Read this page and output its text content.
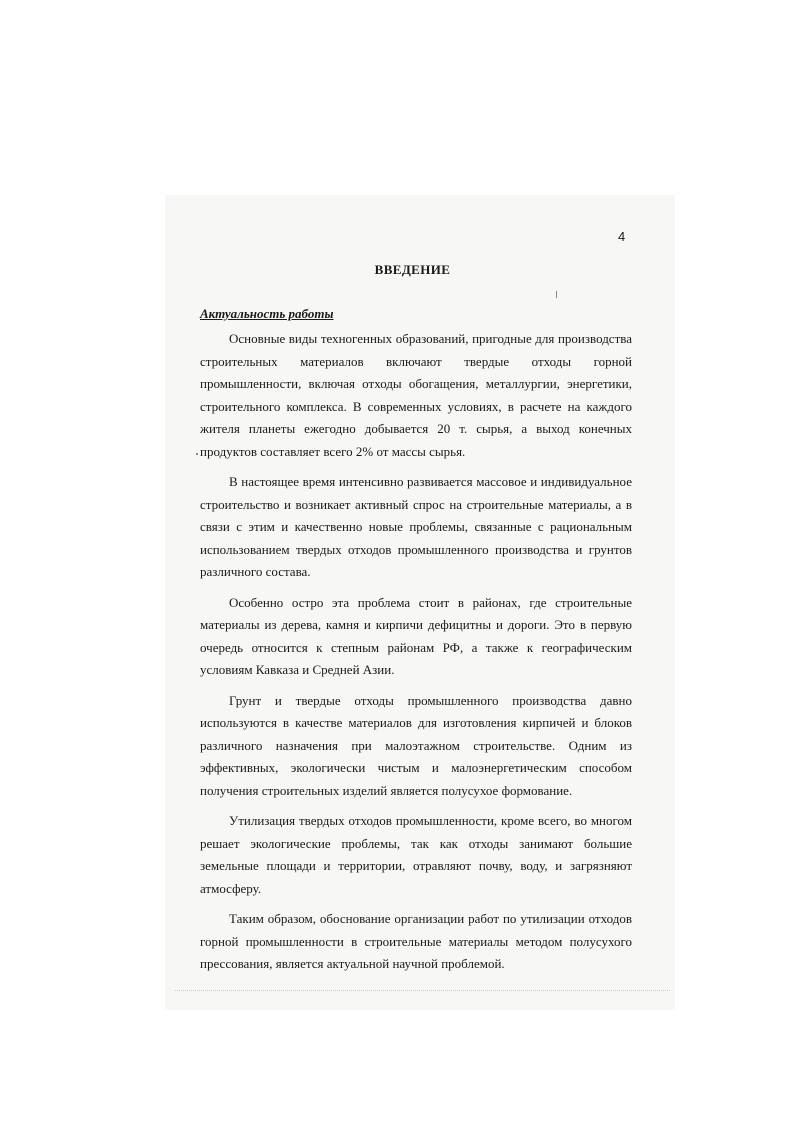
4
ВВЕДЕНИЕ
Актуальность работы

Основные виды техногенных образований, пригодные для производства строительных материалов включают твердые отходы горной промышленности, включая отходы обогащения, металлургии, энергетики, строительного комплекса. В современных условиях, в расчете на каждого жителя планеты ежегодно добывается 20 т. сырья, а выход конечных продуктов составляет всего 2% от массы сырья.

В настоящее время интенсивно развивается массовое и индивидуальное строительство и возникает активный спрос на строительные материалы, а в связи с этим и качественно новые проблемы, связанные с рациональным использованием твердых отходов промышленного производства и грунтов различного состава.

Особенно остро эта проблема стоит в районах, где строительные материалы из дерева, камня и кирпичи дефицитны и дороги. Это в первую очередь относится к степным районам РФ, а также к географическим условиям Кавказа и Средней Азии.

Грунт и твердые отходы промышленного производства давно используются в качестве материалов для изготовления кирпичей и блоков различного назначения при малоэтажном строительстве. Одним из эффективных, экологически чистым и малоэнергетическим способом получения строительных изделий является полусухое формование.

Утилизация твердых отходов промышленности, кроме всего, во многом решает экологические проблемы, так как отходы занимают большие земельные площади и территории, отравляют почву, воду, и загрязняют атмосферу.

Таким образом, обоснование организации работ по утилизации отходов горной промышленности в строительные материалы методом полусухого прессования, является актуальной научной проблемой.
